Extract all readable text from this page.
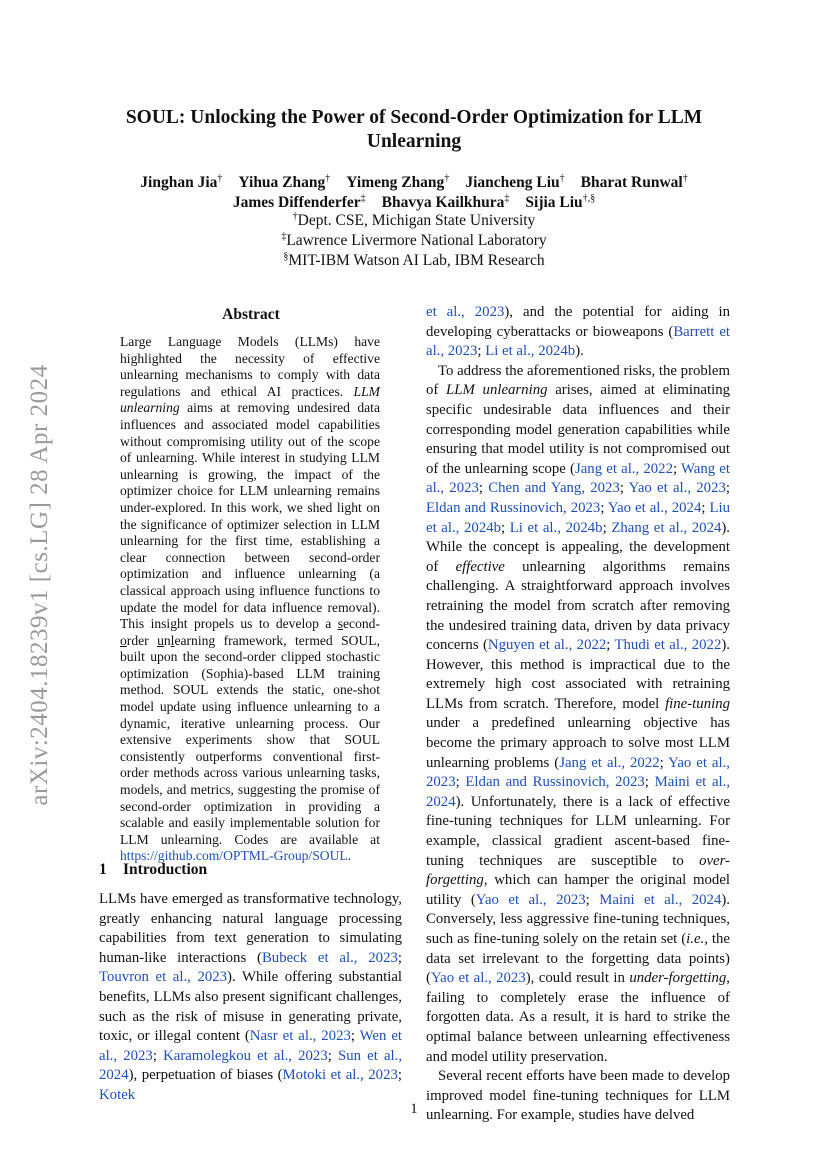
arXiv:2404.18239v1 [cs.LG] 28 Apr 2024
SOUL: Unlocking the Power of Second-Order Optimization for LLM Unlearning
Jinghan Jia† Yihua Zhang† Yimeng Zhang† Jiancheng Liu† Bharat Runwal†
James Diffenderfer‡ Bhavya Kailkhura‡ Sijia Liu†,§
†Dept. CSE, Michigan State University
‡Lawrence Livermore National Laboratory
§MIT-IBM Watson AI Lab, IBM Research
Abstract
Large Language Models (LLMs) have highlighted the necessity of effective unlearning mechanisms to comply with data regulations and ethical AI practices. LLM unlearning aims at removing undesired data influences and associated model capabilities without compromising utility out of the scope of unlearning. While interest in studying LLM unlearning is growing, the impact of the optimizer choice for LLM unlearning remains under-explored. In this work, we shed light on the significance of optimizer selection in LLM unlearning for the first time, establishing a clear connection between second-order optimization and influence unlearning (a classical approach using influence functions to update the model for data influence removal). This insight propels us to develop a second-order unlearning framework, termed SOUL, built upon the second-order clipped stochastic optimization (Sophia)-based LLM training method. SOUL extends the static, one-shot model update using influence unlearning to a dynamic, iterative unlearning process. Our extensive experiments show that SOUL consistently outperforms conventional first-order methods across various unlearning tasks, models, and metrics, suggesting the promise of second-order optimization in providing a scalable and easily implementable solution for LLM unlearning. Codes are available at https://github.com/OPTML-Group/SOUL.
1 Introduction
LLMs have emerged as transformative technology, greatly enhancing natural language processing capabilities from text generation to simulating human-like interactions (Bubeck et al., 2023; Touvron et al., 2023). While offering substantial benefits, LLMs also present significant challenges, such as the risk of misuse in generating private, toxic, or illegal content (Nasr et al., 2023; Wen et al., 2023; Karamolegkou et al., 2023; Sun et al., 2024), perpetuation of biases (Motoki et al., 2023; Kotek

et al., 2023), and the potential for aiding in developing cyberattacks or bioweapons (Barrett et al., 2023; Li et al., 2024b).

To address the aforementioned risks, the problem of LLM unlearning arises, aimed at eliminating specific undesirable data influences and their corresponding model generation capabilities while ensuring that model utility is not compromised out of the unlearning scope (Jang et al., 2022; Wang et al., 2023; Chen and Yang, 2023; Yao et al., 2023; Eldan and Russinovich, 2023; Yao et al., 2024; Liu et al., 2024b; Li et al., 2024b; Zhang et al., 2024). While the concept is appealing, the development of effective unlearning algorithms remains challenging. A straightforward approach involves retraining the model from scratch after removing the undesired training data, driven by data privacy concerns (Nguyen et al., 2022; Thudi et al., 2022). However, this method is impractical due to the extremely high cost associated with retraining LLMs from scratch. Therefore, model fine-tuning under a predefined unlearning objective has become the primary approach to solve most LLM unlearning problems (Jang et al., 2022; Yao et al., 2023; Eldan and Russinovich, 2023; Maini et al., 2024). Unfortunately, there is a lack of effective fine-tuning techniques for LLM unlearning. For example, classical gradient ascent-based fine-tuning techniques are susceptible to over-forgetting, which can hamper the original model utility (Yao et al., 2023; Maini et al., 2024). Conversely, less aggressive fine-tuning techniques, such as fine-tuning solely on the retain set (i.e., the data set irrelevant to the forgetting data points) (Yao et al., 2023), could result in under-forgetting, failing to completely erase the influence of forgotten data. As a result, it is hard to strike the optimal balance between unlearning effectiveness and model utility preservation.

Several recent efforts have been made to develop improved model fine-tuning techniques for LLM unlearning. For example, studies have delved

1
